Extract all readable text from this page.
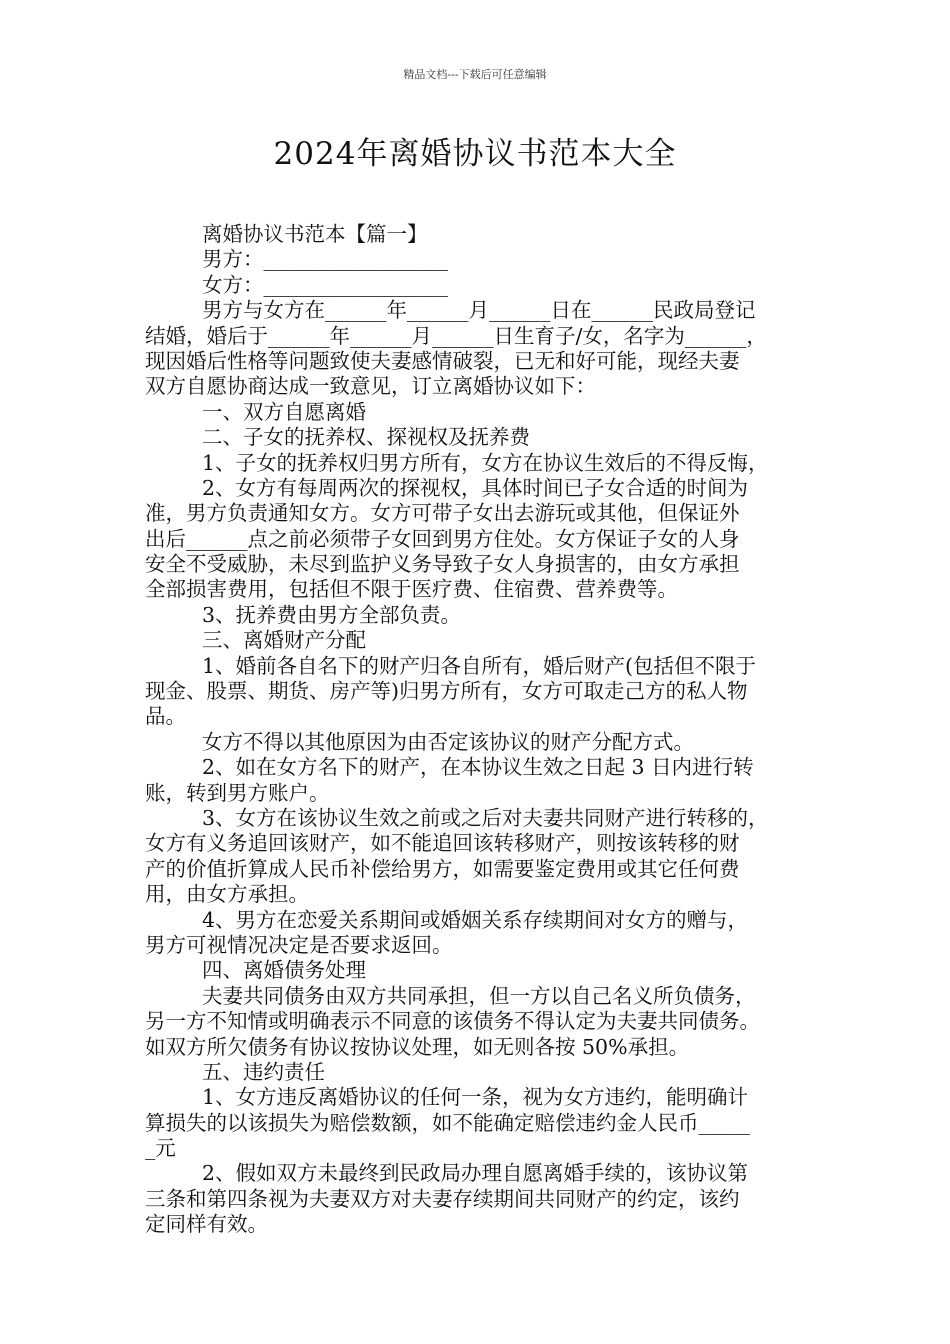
精品文档---下载后可任意编辑
2024年离婚协议书范本大全
离婚协议书范本【篇一】
男方：__________________
女方：__________________
男方与女方在______年______月______日在______民政局登记
结婚，婚后于______年______月______日生育子/女，名字为______，
现因婚后性格等问题致使夫妻感情破裂，已无和好可能，现经夫妻
双方自愿协商达成一致意见，订立离婚协议如下：
一、双方自愿离婚
二、子女的抚养权、探视权及抚养费
1、子女的抚养权归男方所有，女方在协议生效后的不得反悔，
2、女方有每周两次的探视权，具体时间已子女合适的时间为
准，男方负责通知女方。女方可带子女出去游玩或其他，但保证外
出后______点之前必须带子女回到男方住处。女方保证子女的人身
安全不受威胁，未尽到监护义务导致子女人身损害的，由女方承担
全部损害费用，包括但不限于医疗费、住宿费、营养费等。
3、抚养费由男方全部负责。
三、离婚财产分配
1、婚前各自名下的财产归各自所有，婚后财产(包括但不限于
现金、股票、期货、房产等)归男方所有，女方可取走己方的私人物
品。
女方不得以其他原因为由否定该协议的财产分配方式。
2、如在女方名下的财产，在本协议生效之日起 3 日内进行转
账，转到男方账户。
3、女方在该协议生效之前或之后对夫妻共同财产进行转移的，
女方有义务追回该财产，如不能追回该转移财产，则按该转移的财
产的价值折算成人民币补偿给男方，如需要鉴定费用或其它任何费
用，由女方承担。
4、男方在恋爱关系期间或婚姻关系存续期间对女方的赠与，
男方可视情况决定是否要求返回。
四、离婚债务处理
夫妻共同债务由双方共同承担，但一方以自己名义所负债务，
另一方不知情或明确表示不同意的该债务不得认定为夫妻共同债务。
如双方所欠债务有协议按协议处理，如无则各按 50%承担。
五、违约责任
1、女方违反离婚协议的任何一条，视为女方违约，能明确计
算损失的以该损失为赔偿数额，如不能确定赔偿违约金人民币_____
_元
2、假如双方未最终到民政局办理自愿离婚手续的，该协议第
三条和第四条视为夫妻双方对夫妻存续期间共同财产的约定，该约
定同样有效。
